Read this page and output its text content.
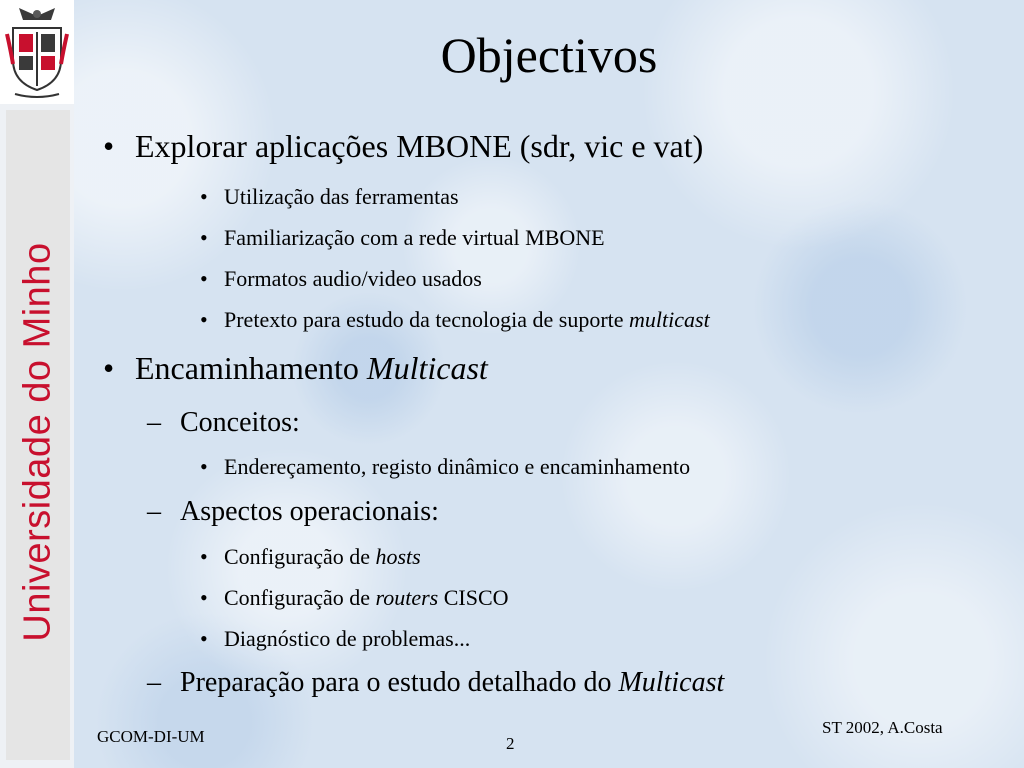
Universidade do Minho
Objectivos
• Explorar aplicações MBONE (sdr, vic e vat)
• Utilização das ferramentas
• Familiarização com a rede virtual MBONE
• Formatos audio/video usados
• Pretexto para estudo da tecnologia de suporte multicast
• Encaminhamento Multicast
– Conceitos:
• Endereçamento, registo dinâmico e encaminhamento
– Aspectos operacionais:
• Configuração de hosts
• Configuração de routers CISCO
• Diagnóstico de problemas...
– Preparação para o estudo detalhado do Multicast
GCOM-DI-UM	2
ST 2002, A.Costa
